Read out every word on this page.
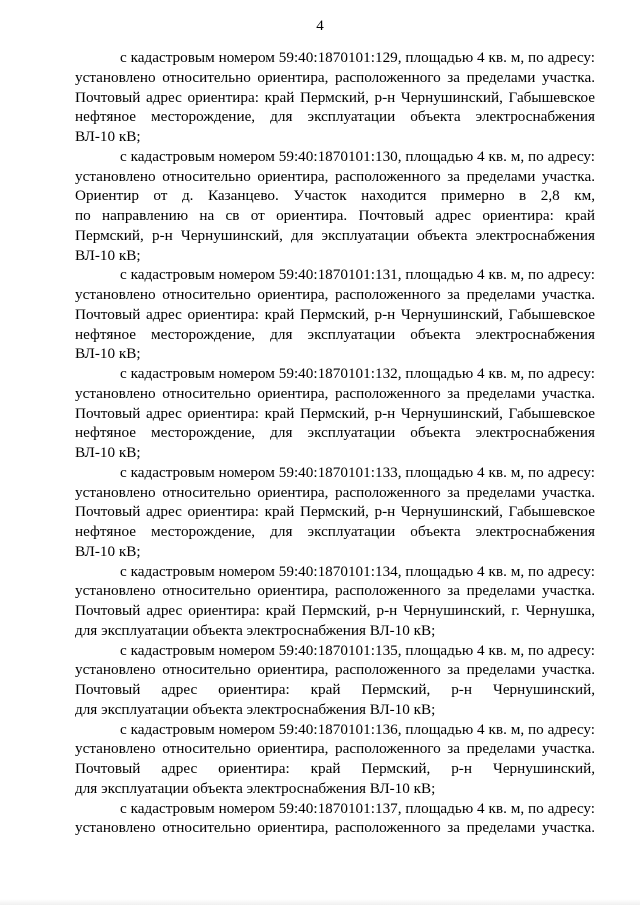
4
с кадастровым номером 59:40:1870101:129, площадью 4 кв. м, по адресу:
установлено относительно ориентира, расположенного за пределами участка.
Почтовый адрес ориентира: край Пермский, р-н Чернушинский, Габышевское
нефтяное месторождение, для эксплуатации объекта электроснабжения
ВЛ-10 кВ;
с кадастровым номером 59:40:1870101:130, площадью 4 кв. м, по адресу:
установлено относительно ориентира, расположенного за пределами участка.
Ориентир от д. Казанцево. Участок находится примерно в 2,8 км,
по направлению на св от ориентира. Почтовый адрес ориентира: край
Пермский, р-н Чернушинский, для эксплуатации объекта электроснабжения
ВЛ-10 кВ;
с кадастровым номером 59:40:1870101:131, площадью 4 кв. м, по адресу:
установлено относительно ориентира, расположенного за пределами участка.
Почтовый адрес ориентира: край Пермский, р-н Чернушинский, Габышевское
нефтяное месторождение, для эксплуатации объекта электроснабжения
ВЛ-10 кВ;
с кадастровым номером 59:40:1870101:132, площадью 4 кв. м, по адресу:
установлено относительно ориентира, расположенного за пределами участка.
Почтовый адрес ориентира: край Пермский, р-н Чернушинский, Габышевское
нефтяное месторождение, для эксплуатации объекта электроснабжения
ВЛ-10 кВ;
с кадастровым номером 59:40:1870101:133, площадью 4 кв. м, по адресу:
установлено относительно ориентира, расположенного за пределами участка.
Почтовый адрес ориентира: край Пермский, р-н Чернушинский, Габышевское
нефтяное месторождение, для эксплуатации объекта электроснабжения
ВЛ-10 кВ;
с кадастровым номером 59:40:1870101:134, площадью 4 кв. м, по адресу:
установлено относительно ориентира, расположенного за пределами участка.
Почтовый адрес ориентира: край Пермский, р-н Чернушинский, г. Чернушка,
для эксплуатации объекта электроснабжения ВЛ-10 кВ;
с кадастровым номером 59:40:1870101:135, площадью 4 кв. м, по адресу:
установлено относительно ориентира, расположенного за пределами участка.
Почтовый адрес ориентира: край Пермский, р-н Чернушинский,
для эксплуатации объекта электроснабжения ВЛ-10 кВ;
с кадастровым номером 59:40:1870101:136, площадью 4 кв. м, по адресу:
установлено относительно ориентира, расположенного за пределами участка.
Почтовый адрес ориентира: край Пермский, р-н Чернушинский,
для эксплуатации объекта электроснабжения ВЛ-10 кВ;
с кадастровым номером 59:40:1870101:137, площадью 4 кв. м, по адресу:
установлено относительно ориентира, расположенного за пределами участка.
